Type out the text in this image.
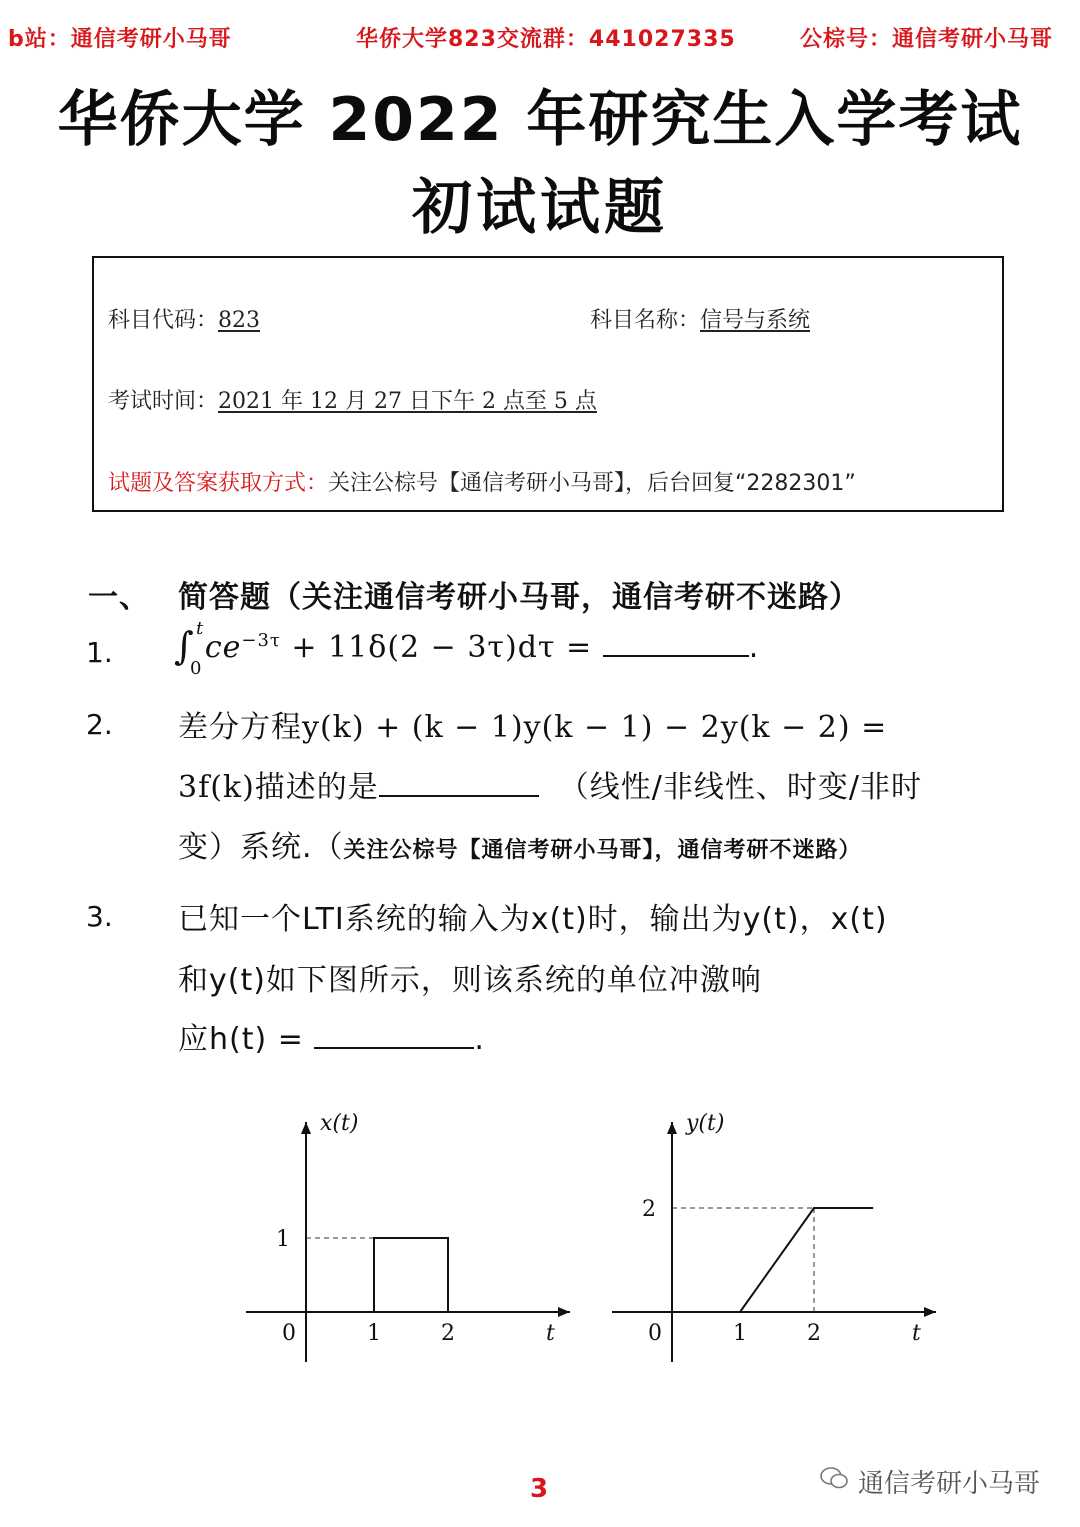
b站：通信考研小马哥	华侨大学823交流群：441027335	公棕号：通信考研小马哥
华侨大学 2022 年研究生入学考试
初试试题
科目代码：823	科目名称：信号与系统
考试时间：2021 年 12 月 27 日下午 2 点至 5 点
试题及答案获取方式：关注公棕号【通信考研小马哥】，后台回复“2282301”
一、 简答题（关注通信考研小马哥，通信考研不迷路）
1. ∫ t
0
$ce^{-3\tau} + 11\delta(2 - 3\tau)d\tau$ =	.
2. 差分方程y(k) + (k − 1)y(k − 1) − 2y(k − 2) =
3f(k)描述的是	（线性/非线性、时变/非时
变）系统.（关注公棕号【通信考研小马哥】，通信考研不迷路）
3. 已知一个LTI系统的输入为x(t)时，输出为y(t)，x(t)
和y(t)如下图所示，则该系统的单位冲激响
应h(t) =	.
x(t)
t
0	1	2
1
y(t)
t
0	1	2
2
通信考研小马哥
3
